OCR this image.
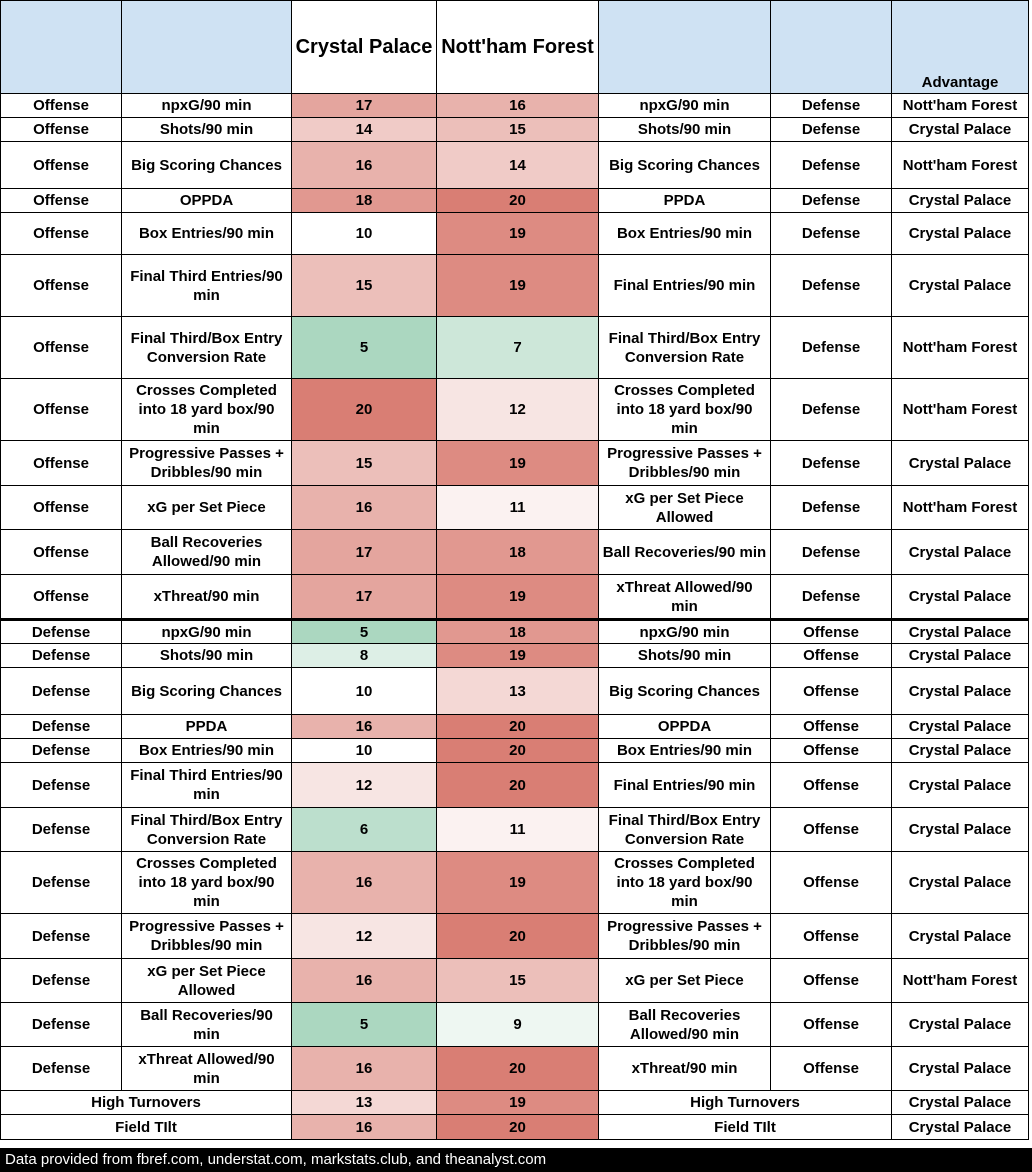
		Crystal Palace	Nott'ham Forest			Advantage
Offense	npxG/90 min	17	16	npxG/90 min	Defense	Nott'ham Forest
Offense	Shots/90 min	14	15	Shots/90 min	Defense	Crystal Palace
Offense	Big Scoring Chances	16	14	Big Scoring Chances	Defense	Nott'ham Forest
Offense	OPPDA	18	20	PPDA	Defense	Crystal Palace
Offense	Box Entries/90 min	10	19	Box Entries/90 min	Defense	Crystal Palace
Offense	Final Third Entries/90 min	15	19	Final Entries/90 min	Defense	Crystal Palace
Offense	Final Third/Box Entry Conversion Rate	5	7	Final Third/Box Entry Conversion Rate	Defense	Nott'ham Forest
Offense	Crosses Completed into 18 yard box/90 min	20	12	Crosses Completed into 18 yard box/90 min	Defense	Nott'ham Forest
Offense	Progressive Passes + Dribbles/90 min	15	19	Progressive Passes + Dribbles/90 min	Defense	Crystal Palace
Offense	xG per Set Piece	16	11	xG per Set Piece Allowed	Defense	Nott'ham Forest
Offense	Ball Recoveries Allowed/90 min	17	18	Ball Recoveries/90 min	Defense	Crystal Palace
Offense	xThreat/90 min	17	19	xThreat Allowed/90 min	Defense	Crystal Palace
Defense	npxG/90 min	5	18	npxG/90 min	Offense	Crystal Palace
Defense	Shots/90 min	8	19	Shots/90 min	Offense	Crystal Palace
Defense	Big Scoring Chances	10	13	Big Scoring Chances	Offense	Crystal Palace
Defense	PPDA	16	20	OPPDA	Offense	Crystal Palace
Defense	Box Entries/90 min	10	20	Box Entries/90 min	Offense	Crystal Palace
Defense	Final Third Entries/90 min	12	20	Final Entries/90 min	Offense	Crystal Palace
Defense	Final Third/Box Entry Conversion Rate	6	11	Final Third/Box Entry Conversion Rate	Offense	Crystal Palace
Defense	Crosses Completed into 18 yard box/90 min	16	19	Crosses Completed into 18 yard box/90 min	Offense	Crystal Palace
Defense	Progressive Passes + Dribbles/90 min	12	20	Progressive Passes + Dribbles/90 min	Offense	Crystal Palace
Defense	xG per Set Piece Allowed	16	15	xG per Set Piece	Offense	Nott'ham Forest
Defense	Ball Recoveries/90 min	5	9	Ball Recoveries Allowed/90 min	Offense	Crystal Palace
Defense	xThreat Allowed/90 min	16	20	xThreat/90 min	Offense	Crystal Palace
High Turnovers		13	19	High Turnovers		Crystal Palace
Field TIlt		16	20	Field TIlt		Crystal Palace
Data provided from fbref.com, understat.com, markstats.club, and theanalyst.com
